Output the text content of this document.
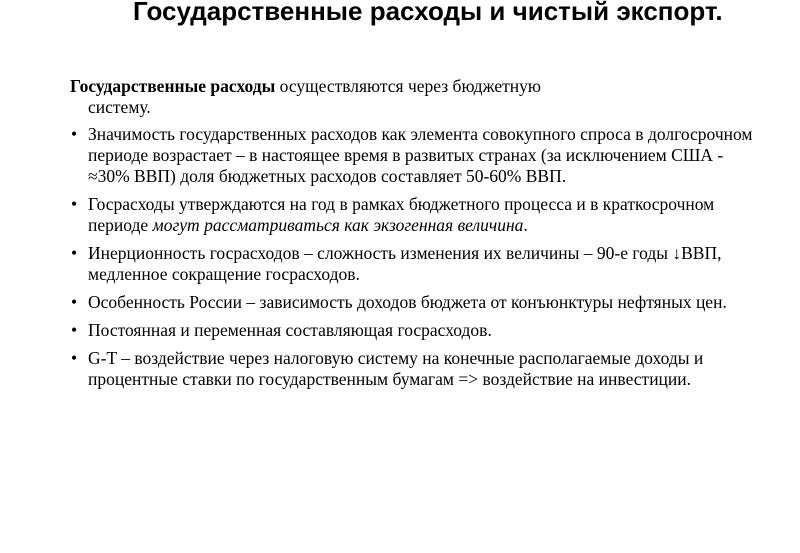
Государственные расходы и чистый экспорт.

Государственные расходы осуществляются через бюджетную
систему.

• Значимость государственных расходов как элемента совокупного спроса в долгосрочном периоде возрастает – в настоящее время в развитых странах (за исключением США - ≈30% ВВП) доля бюджетных расходов составляет 50-60% ВВП.
• Госрасходы утверждаются на год в рамках бюджетного процесса и в краткосрочном периоде могут рассматриваться как экзогенная величина.
• Инерционность госрасходов – сложность изменения их величины – 90-е годы ↓ВВП, медленное сокращение госрасходов.
• Особенность России – зависимость доходов бюджета от конъюнктуры нефтяных цен.
• Постоянная и переменная составляющая госрасходов.
• G-T – воздействие через налоговую систему на конечные располагаемые доходы и процентные ставки по государственным бумагам => воздействие на инвестиции.
